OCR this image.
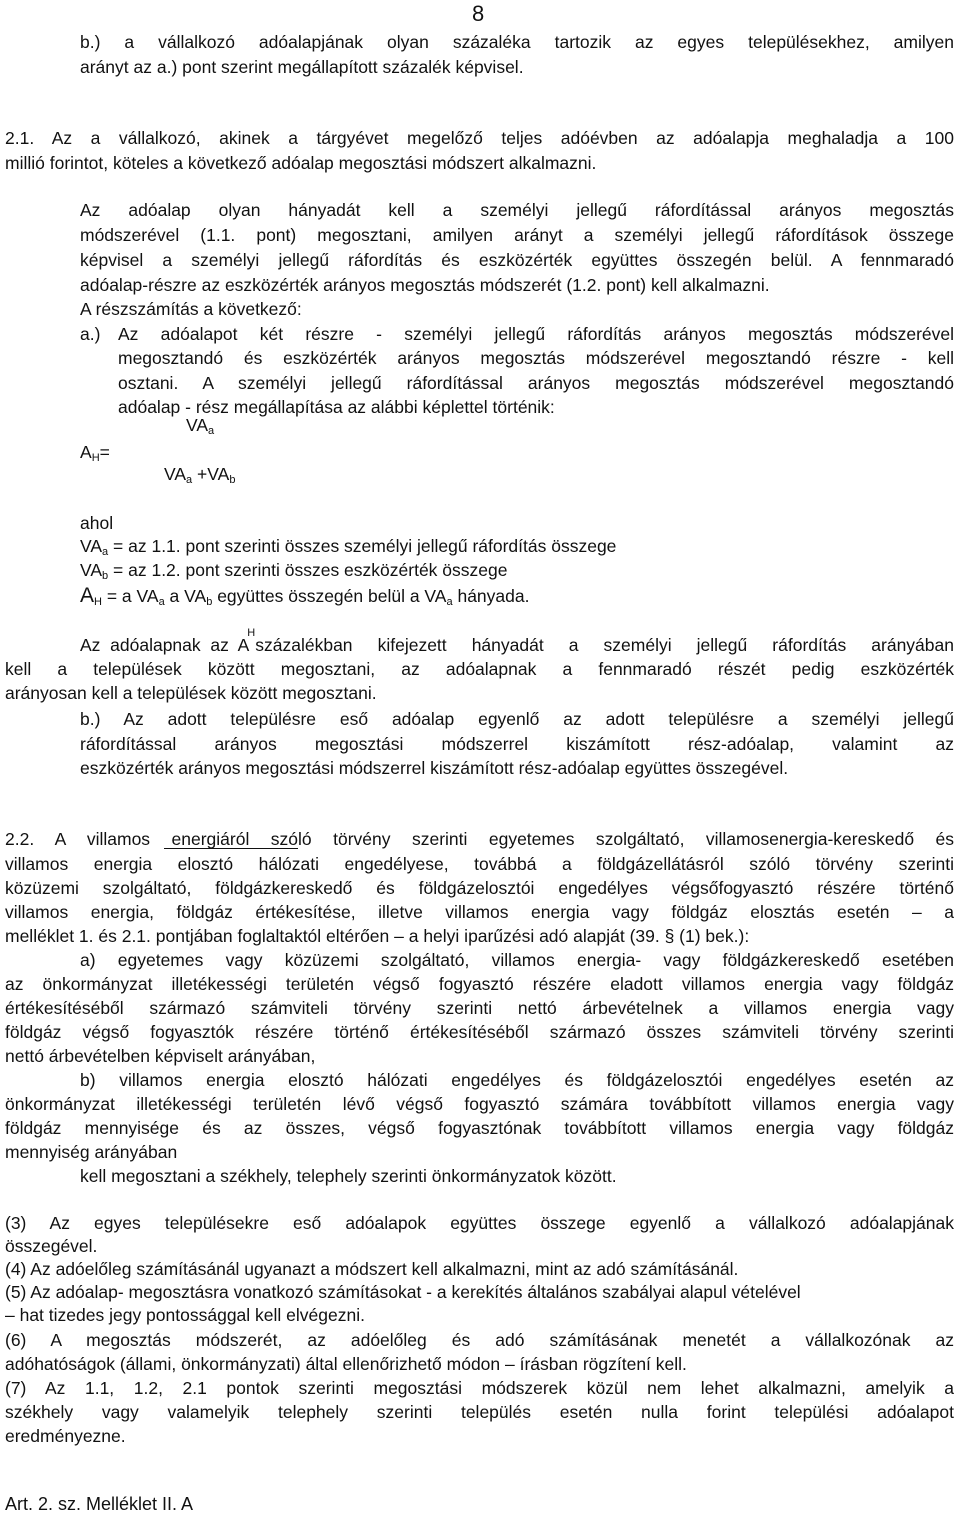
8
b.) a vállalkozó adóalapjának olyan százaléka tartozik az egyes településekhez, amilyen
arányt az a.) pont szerint megállapított százalék képvisel.
2.1. Az a vállalkozó, akinek a tárgyévet megelőző teljes adóévben az adóalapja meghaladja a 100
millió forintot, köteles a következő adóalap megosztási módszert alkalmazni.
Az adóalap olyan hányadát kell a személyi jellegű ráfordítással arányos megosztás
módszerével (1.1. pont) megosztani, amilyen arányt a személyi jellegű ráfordítások összege
képvisel a személyi jellegű ráfordítás és eszközérték együttes összegén belül. A fennmaradó
adóalap-részre az eszközérték arányos megosztás módszerét (1.2. pont) kell alkalmazni.
A részszámítás a következő:
a.) Az adóalapot két részre - személyi jellegű ráfordítás arányos megosztás módszerével
megosztandó és eszközérték arányos megosztás módszerével megosztandó részre - kell
osztani. A személyi jellegű ráfordítással arányos megosztás módszerével megosztandó
adóalap - rész megállapítása az alábbi képlettel történik:
$VA_a$
$A_H=$
$VA_a +VA_b$
ahol
$VA_a$ = az 1.1. pont szerinti összes személyi jellegű ráfordítás összege
$VA_b$ = az 1.2. pont szerinti összes eszközérték összege
$A_H = a$ $VA_a$ a $VA_b$ együttes összegén belül a $VA_a$ hányada.
Az  adóalapnak  az  A
H
százalékban kifejezett hányadát a személyi jellegű ráfordítás arányában
kell a települések között megosztani, az adóalapnak a fennmaradó részét pedig eszközérték
arányosan kell a települések között megosztani.
b.) Az adott településre eső adóalap egyenlő az adott településre a személyi jellegű
ráfordítással arányos megosztási módszerrel kiszámított rész-adóalap, valamint az
eszközérték arányos megosztási módszerrel kiszámított rész-adóalap együttes összegével.
2.2. A villamos energiáról szóló törvény szerinti egyetemes szolgáltató, villamosenergia-kereskedő és
villamos energia elosztó hálózati engedélyese, továbbá a földgázellátásról szóló törvény szerinti
közüzemi szolgáltató, földgázkereskedő és földgázelosztói engedélyes végsőfogyasztó részére történő
villamos energia, földgáz értékesítése, illetve villamos energia vagy földgáz elosztás esetén – a
melléklet 1. és 2.1. pontjában foglaltaktól eltérően – a helyi iparűzési adó alapját (39. § (1) bek.):
a) egyetemes vagy közüzemi szolgáltató, villamos energia- vagy földgázkereskedő esetében
az önkormányzat illetékességi területén végső fogyasztó részére eladott villamos energia vagy földgáz
értékesítéséből származó számviteli törvény szerinti nettó árbevételnek a villamos energia vagy
földgáz végső fogyasztók részére történő értékesítéséből származó összes számviteli törvény szerinti
nettó árbevételben képviselt arányában,
b) villamos energia elosztó hálózati engedélyes és földgázelosztói engedélyes esetén az
önkormányzat illetékességi területén lévő végső fogyasztó számára továbbított villamos energia vagy
földgáz mennyisége és az összes, végső fogyasztónak továbbított villamos energia vagy földgáz
mennyiség arányában
kell megosztani a székhely, telephely szerinti önkormányzatok között.
(3) Az egyes településekre eső adóalapok együttes összege egyenlő a vállalkozó adóalapjának
összegével.
(4) Az adóelőleg számításánál ugyanazt a módszert kell alkalmazni, mint az adó számításánál.
(5) Az adóalap- megosztásra vonatkozó számításokat - a kerekítés általános szabályai alapul vételével
– hat tizedes jegy pontossággal kell elvégezni.
(6) A megosztás módszerét, az adóelőleg és adó számításának menetét a vállalkozónak az
adóhatóságok (állami, önkormányzati) által ellenőrizhető módon – írásban rögzítení kell.
(7) Az 1.1, 1.2, 2.1 pontok szerinti megosztási módszerek közül nem lehet alkalmazni, amelyik a
székhely vagy valamelyik telephely szerinti település esetén nulla forint települési adóalapot
eredményezne.
Art. 2. sz. Melléklet II. A
